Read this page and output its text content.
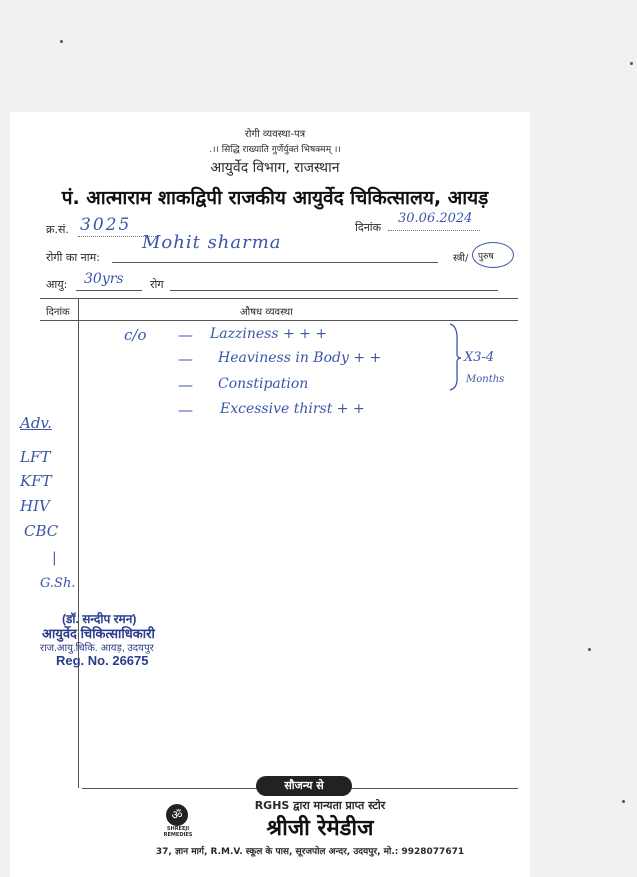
रोगी व्यवस्था-पत्र
.।। सिद्धि राख्याति गुर्णेर्युक्तं भिषक्मम् ।।
आयुर्वेद विभाग, राजस्थान
पं. आत्माराम शाकद्विपी राजकीय आयुर्वेद चिकित्सालय, आयड़
क्र.सं. 3025	दिनांक
30.06.2024
रोगी का नाम:
Mohit sharma
स्त्री/ पुरुष
आयु: 30yrs रोग
दिनांक	औषध व्यवस्था
c/o — Lazziness + + +
— Heaviness in Body + +
— Constipation
— Excessive thirst + +
X3-4
Months
Adv.
LFT
KFT
HIV
CBC
|
G.Sh.
(डॉ. सन्दीप रमन)
आयुर्वेद चिकित्साधिकारी
राज.आयु.चिकि. आयड़, उदयपुर
Reg. No. 26675
सौजन्य से
RGHS द्वारा मान्यता प्राप्त स्टोर
ॐ
SHREEJI
REMEDIES	श्रीजी रेमेडीज
37, ज्ञान मार्ग, R.M.V. स्कूल के पास, सूरजपोल अन्दर, उदयपुर, मो.: 9928077671
